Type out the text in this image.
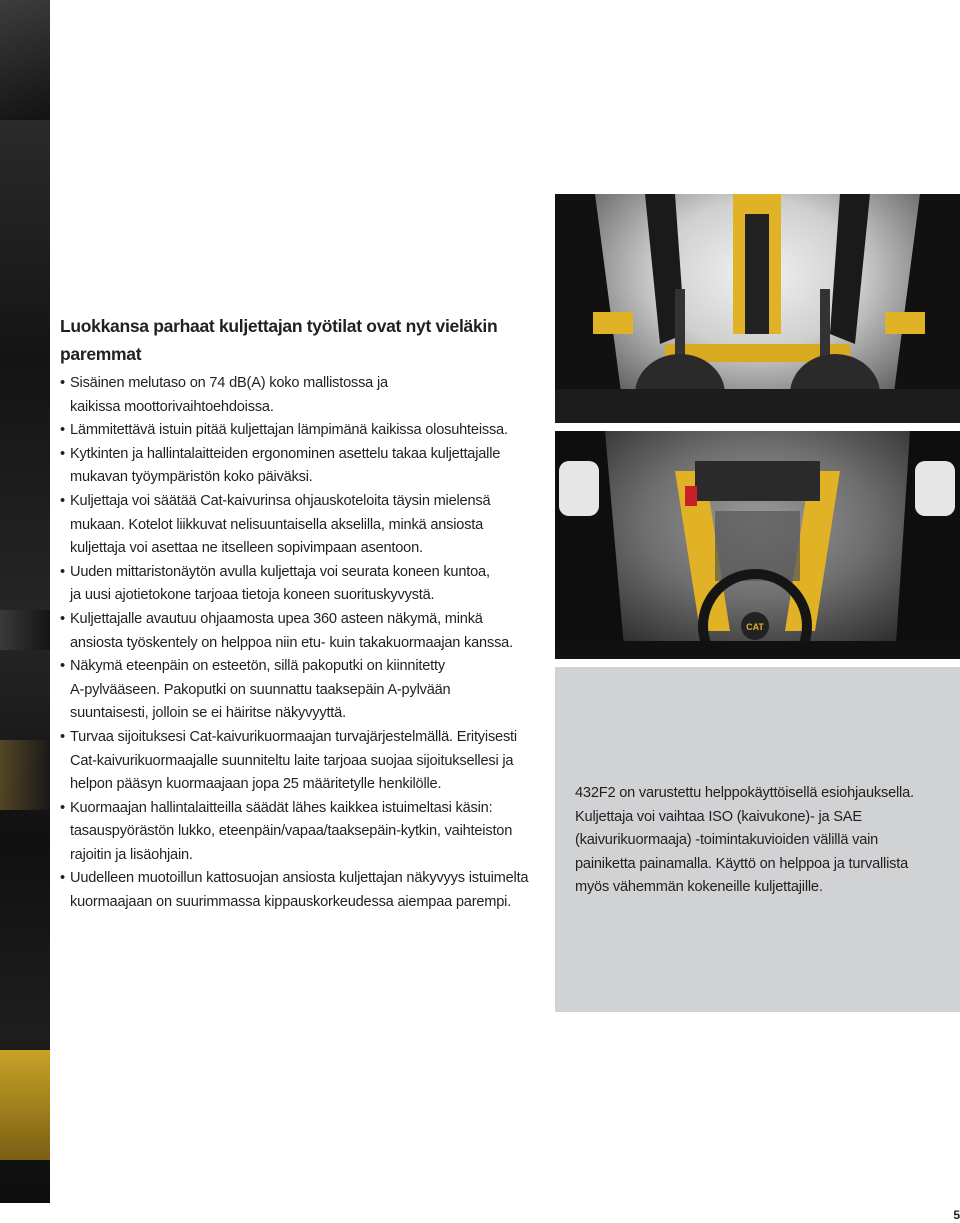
Luokkansa parhaat kuljettajan työtilat ovat nyt vieläkin paremmat
• Sisäinen melutaso on 74 dB(A) koko mallistossa ja
kaikissa moottorivaihtoehdoissa.
• Lämmitettävä istuin pitää kuljettajan lämpimänä kaikissa olosuhteissa.
• Kytkinten ja hallintalaitteiden ergonominen asettelu takaa kuljettajalle
mukavan työympäristön koko päiväksi.
• Kuljettaja voi säätää Cat-kaivurinsa ohjauskoteloita täysin mielensä
mukaan. Kotelot liikkuvat nelisuuntaisella akselilla, minkä ansiosta
kuljettaja voi asettaa ne itselleen sopivimpaan asentoon.
• Uuden mittaristonäytön avulla kuljettaja voi seurata koneen kuntoa,
ja uusi ajotietokone tarjoaa tietoja koneen suorituskyvystä.
• Kuljettajalle avautuu ohjaamosta upea 360 asteen näkymä, minkä
ansiosta työskentely on helppoa niin etu- kuin takakuormaajan kanssa.
• Näkymä eteenpäin on esteetön, sillä pakoputki on kiinnitetty
A-pylvääseen. Pakoputki on suunnattu taaksepäin A-pylvään
suuntaisesti, jolloin se ei häiritse näkyvyyttä.
• Turvaa sijoituksesi Cat-kaivurikuormaajan turvajärjestelmällä. Erityisesti
Cat-kaivurikuormaajalle suunniteltu laite tarjoaa suojaa sijoituksellesi ja
helpon pääsyn kuormaajaan jopa 25 määritetylle henkilölle.
• Kuormaajan hallintalaitteilla säädät lähes kaikkea istuimeltasi käsin:
tasauspyörästön lukko, eteenpäin/vapaa/taaksepäin-kytkin, vaihteiston
rajoitin ja lisäohjain.
• Uudelleen muotoillun kattosuojan ansiosta kuljettajan näkyvyys istuimelta
kuormaajaan on suurimmassa kippauskorkeudessa aiempaa parempi.
CAT

432F2 on varustettu helppokäyttöisellä esiohjauksella.
Kuljettaja voi vaihtaa ISO (kaivukone)- ja SAE
(kaivurikuormaaja) -toimintakuvioiden välillä vain
painiketta painamalla. Käyttö on helppoa ja turvallista
myös vähemmän kokeneille kuljettajille.

5
